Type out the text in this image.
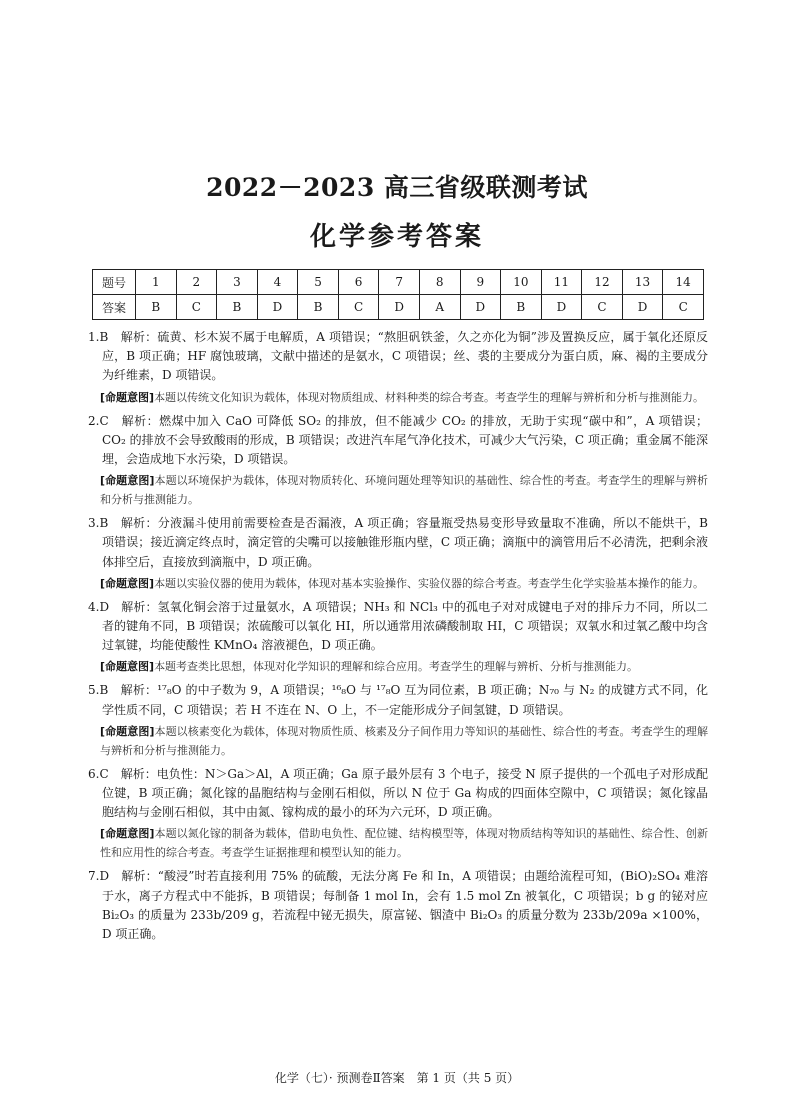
2022－2023 高三省级联测考试
化学参考答案
题号	1	2	3	4	5	6	7	8	9	10	11	12	13	14
答案	B	C	B	D	B	C	D	A	D	B	D	C	D	C

1.B　 解析：硫黄、杉木炭不属于电解质，A 项错误；“熬胆矾铁釜，久之亦化为铜”涉及置换反应，属于氧化还原反应，B 项正确；HF 腐蚀玻璃，文献中描述的是氨水，C 项错误；丝、裘的主要成分为蛋白质，麻、褐的主要成分为纤维素，D 项错误。

[命题意图]本题以传统文化知识为载体，体现对物质组成、材料种类的综合考查。考查学生的理解与辨析和分析与推测能力。

2.C　 解析：燃煤中加入 CaO 可降低 SO₂ 的排放，但不能减少 CO₂ 的排放，无助于实现“碳中和”，A 项错误；CO₂ 的排放不会导致酸雨的形成，B 项错误；改进汽车尾气净化技术，可减少大气污染，C 项正确；重金属不能深埋，会造成地下水污染，D 项错误。

[命题意图]本题以环境保护为载体，体现对物质转化、环境问题处理等知识的基础性、综合性的考查。考查学生的理解与辨析和分析与推测能力。

3.B　 解析：分液漏斗使用前需要检查是否漏液，A 项正确；容量瓶受热易变形导致量取不准确，所以不能烘干，B 项错误；接近滴定终点时，滴定管的尖嘴可以接触锥形瓶内壁，C 项正确；滴瓶中的滴管用后不必清洗，把剩余液体排空后，直接放到滴瓶中，D 项正确。

[命题意图]本题以实验仪器的使用为载体，体现对基本实验操作、实验仪器的综合考查。考查学生化学实验基本操作的能力。

4.D　 解析：氢氧化铜会溶于过量氨水，A 项错误；NH₃ 和 NCl₃ 中的孤电子对对成键电子对的排斥力不同，所以二者的键角不同，B 项错误；浓硫酸可以氧化 HI，所以通常用浓磷酸制取 HI，C 项错误；双氧水和过氧乙酸中均含过氧键，均能使酸性 KMnO₄ 溶液褪色，D 项正确。

[命题意图]本题考查类比思想，体现对化学知识的理解和综合应用。考查学生的理解与辨析、分析与推测能力。

5.B　 解析：¹⁷₈O 的中子数为 9，A 项错误；¹⁶₈O 与 ¹⁷₈O 互为同位素，B 项正确；N₇₀ 与 N₂ 的成键方式不同，化学性质不同，C 项错误；若 H 不连在 N、O 上，不一定能形成分子间氢键，D 项错误。

[命题意图]本题以核素变化为载体，体现对物质性质、核素及分子间作用力等知识的基础性、综合性的考查。考查学生的理解与辨析和分析与推测能力。

6.C　 解析：电负性：N＞Ga＞Al，A 项正确；Ga 原子最外层有 3 个电子，接受 N 原子提供的一个孤电子对形成配位键，B 项正确；氮化镓的晶胞结构与金刚石相似，所以 N 位于 Ga 构成的四面体空隙中，C 项错误；氮化镓晶胞结构与金刚石相似，其中由氮、镓构成的最小的环为六元环，D 项正确。

[命题意图]本题以氮化镓的制备为载体，借助电负性、配位键、结构模型等，体现对物质结构等知识的基础性、综合性、创新性和应用性的综合考查。考查学生证据推理和模型认知的能力。

7.D　 解析：“酸浸”时若直接利用 75% 的硫酸，无法分离 Fe 和 In，A 项错误；由题给流程可知，(BiO)₂SO₄ 难溶于水，离子方程式中不能拆，B 项错误；每制备 1 mol In，会有 1.5 mol Zn 被氧化，C 项错误；b g 的铋对应 Bi₂O₃ 的质量为 233b/209 g，若流程中铋无损失，原富铋、铟渣中 Bi₂O₃ 的质量分数为 233b/209a ×100%，D 项正确。

化学（七）· 预测卷Ⅱ答案　第 1 页（共 5 页）
